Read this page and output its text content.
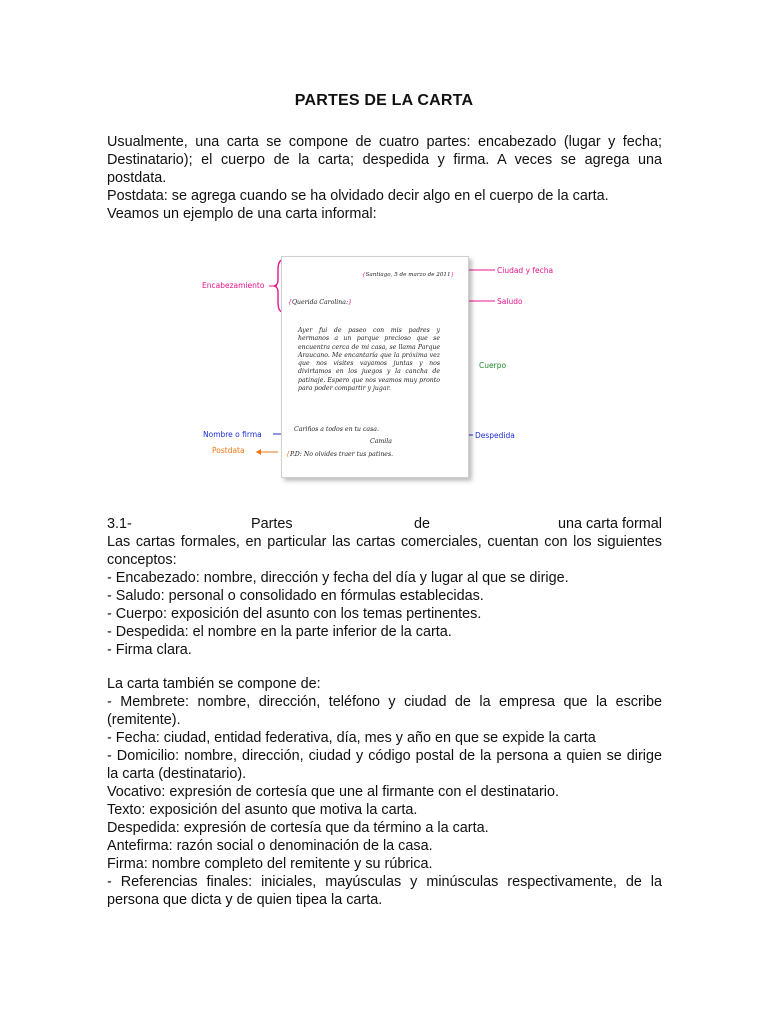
PARTES DE LA CARTA

Usualmente, una carta se compone de cuatro partes: encabezado (lugar y fecha; Destinatario); el cuerpo de la carta; despedida y firma. A veces se agrega una postdata.

Postdata: se agrega cuando se ha olvidado decir algo en el cuerpo de la carta.

Veamos un ejemplo de una carta informal:

{Santiago, 5 de marzo de 2011}
{Querida Carolina:}
Ayer fui de paseo con mis padres y hermanos a un parque precioso que se encuentra cerca de mi casa, se llama Parque Araucano. Me encantaría que la próxima vez que nos visites vayamos juntas y nos divirtamos en los juegos y la cancha de patinaje. Espero que nos veamos muy pronto para poder compartir y jugar.
Cariños a todos en tu casa.
Camila
{P.D: No olvides traer tus patines.
Encabezamiento
Ciudad y fecha
Saludo
Cuerpo
Nombre o firma	Despedida
Postdata
3.1-	Partes	de	una carta formal

Las cartas formales, en particular las cartas comerciales, cuentan con los siguientes conceptos:

- Encabezado: nombre, dirección y fecha del día y lugar al que se dirige.

- Saludo: personal o consolidado en fórmulas establecidas.

- Cuerpo: exposición del asunto con los temas pertinentes.

- Despedida: el nombre en la parte inferior de la carta.

- Firma clara.

La carta también se compone de:

- Membrete: nombre, dirección, teléfono y ciudad de la empresa que la escribe (remitente).

- Fecha: ciudad, entidad federativa, día, mes y año en que se expide la carta

- Domicilio: nombre, dirección, ciudad y código postal de la persona a quien se dirige la carta (destinatario).

Vocativo: expresión de cortesía que une al firmante con el destinatario.

Texto: exposición del asunto que motiva la carta.

Despedida: expresión de cortesía que da término a la carta.

Antefirma: razón social o denominación de la casa.

Firma: nombre completo del remitente y su rúbrica.

- Referencias finales: iniciales, mayúsculas y minúsculas respectivamente, de la persona que dicta y de quien tipea la carta.
